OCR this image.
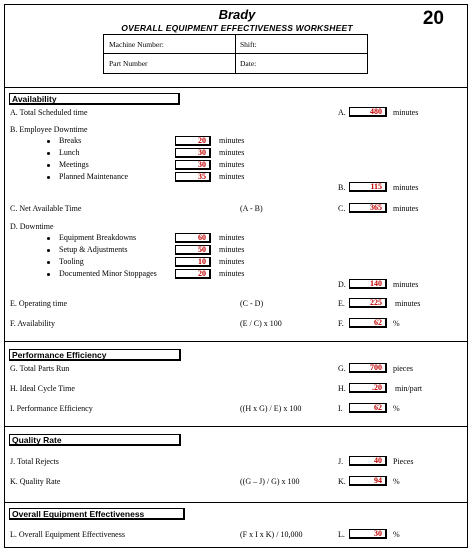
Brady
OVERALL EQUIPMENT EFFECTIVENESS WORKSHEET	20
Machine Number:	Shift:
Part Number	Date:
Availability
A. Total Scheduled time	A.	480	minutes
B. Employee Downtime
Breaks	20	minutes
Lunch	30	minutes
Meetings	30	minutes
Planned Maintenance	35	minutes
B.	115	minutes
C. Net Available Time	(A - B)	C.	365	minutes
D. Downtime
Equipment Breakdowns	60	minutes
Setup & Adjustments	50	minutes
Tooling	10	minutes
Documented Minor Stoppages	20	minutes
D.	140	minutes
E. Operating time	(C - D)	E.	225	minutes
F. Availability	(E / C) x 100	F.	62	%
Performance Efficiency
G. Total Parts Run	G.	700	pieces
H. Ideal Cycle Time	H.	.20	min/part
I. Performance Efficiency	((H x G) / E) x 100	I.	62	%
Quality Rate
J. Total Rejects	J.	40	Pieces
K. Quality Rate	((G – J) / G) x 100	K.	94	%
Overall Equipment Effectiveness
L. Overall Equipment Effectiveness	(F x I x K) / 10,000	L.	30	%
